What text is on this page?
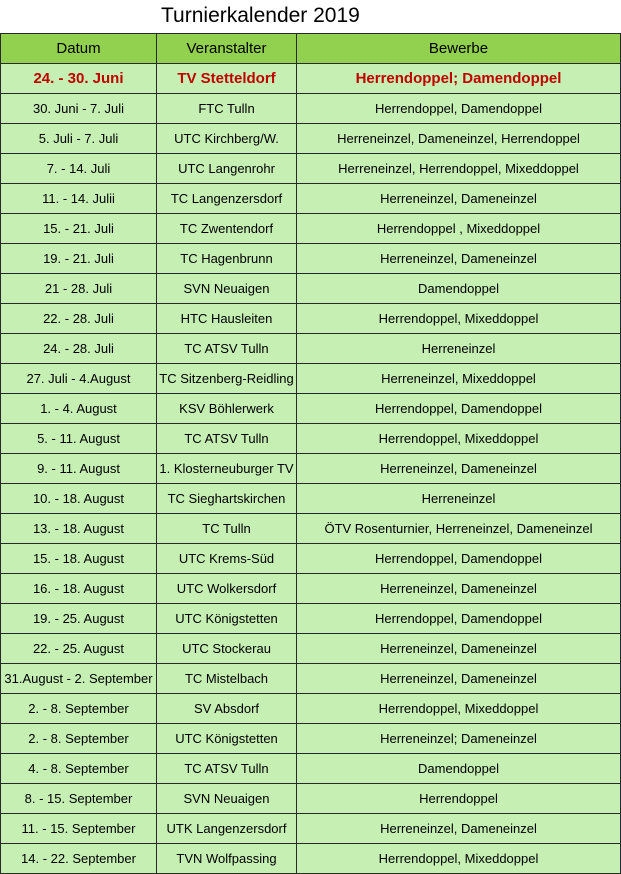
Turnierkalender 2019
Datum	Veranstalter	Bewerbe
24. - 30. Juni	TV Stetteldorf	Herrendoppel; Damendoppel
30. Juni - 7. Juli	FTC Tulln	Herrendoppel, Damendoppel
5. Juli - 7. Juli	UTC Kirchberg/W.	Herreneinzel, Dameneinzel, Herrendoppel
7. - 14. Juli	UTC Langenrohr	Herreneinzel, Herrendoppel, Mixeddoppel
11. - 14. Julii	TC Langenzersdorf	Herreneinzel, Dameneinzel
15. - 21. Juli	TC Zwentendorf	Herrendoppel , Mixeddoppel
19. - 21. Juli	TC Hagenbrunn	Herreneinzel, Dameneinzel
21 - 28. Juli	SVN Neuaigen	Damendoppel
22. - 28. Juli	HTC Hausleiten	Herrendoppel, Mixeddoppel
24. - 28. Juli	TC ATSV Tulln	Herreneinzel
27. Juli - 4.August	TC Sitzenberg-Reidling	Herreneinzel, Mixeddoppel
1. - 4. August	KSV Böhlerwerk	Herrendoppel, Damendoppel
5. - 11. August	TC ATSV Tulln	Herrendoppel, Mixeddoppel
9. - 11. August	1. Klosterneuburger TV	Herreneinzel, Dameneinzel
10. - 18. August	TC Sieghartskirchen	Herreneinzel
13. - 18. August	TC Tulln	ÖTV Rosenturnier, Herreneinzel, Dameneinzel
15. - 18. August	UTC Krems-Süd	Herrendoppel, Damendoppel
16. - 18. August	UTC Wolkersdorf	Herreneinzel, Dameneinzel
19. - 25. August	UTC Königstetten	Herrendoppel, Damendoppel
22. - 25. August	UTC Stockerau	Herreneinzel, Dameneinzel
31.August - 2. September	TC Mistelbach	Herreneinzel, Dameneinzel
2. - 8. September	SV Absdorf	Herrendoppel, Mixeddoppel
2. - 8. September	UTC Königstetten	Herreneinzel; Dameneinzel
4. - 8. September	TC ATSV Tulln	Damendoppel
8. - 15. September	SVN Neuaigen	Herrendoppel
11. - 15. September	UTK Langenzersdorf	Herreneinzel, Dameneinzel
14. - 22. September	TVN Wolfpassing	Herrendoppel, Mixeddoppel
